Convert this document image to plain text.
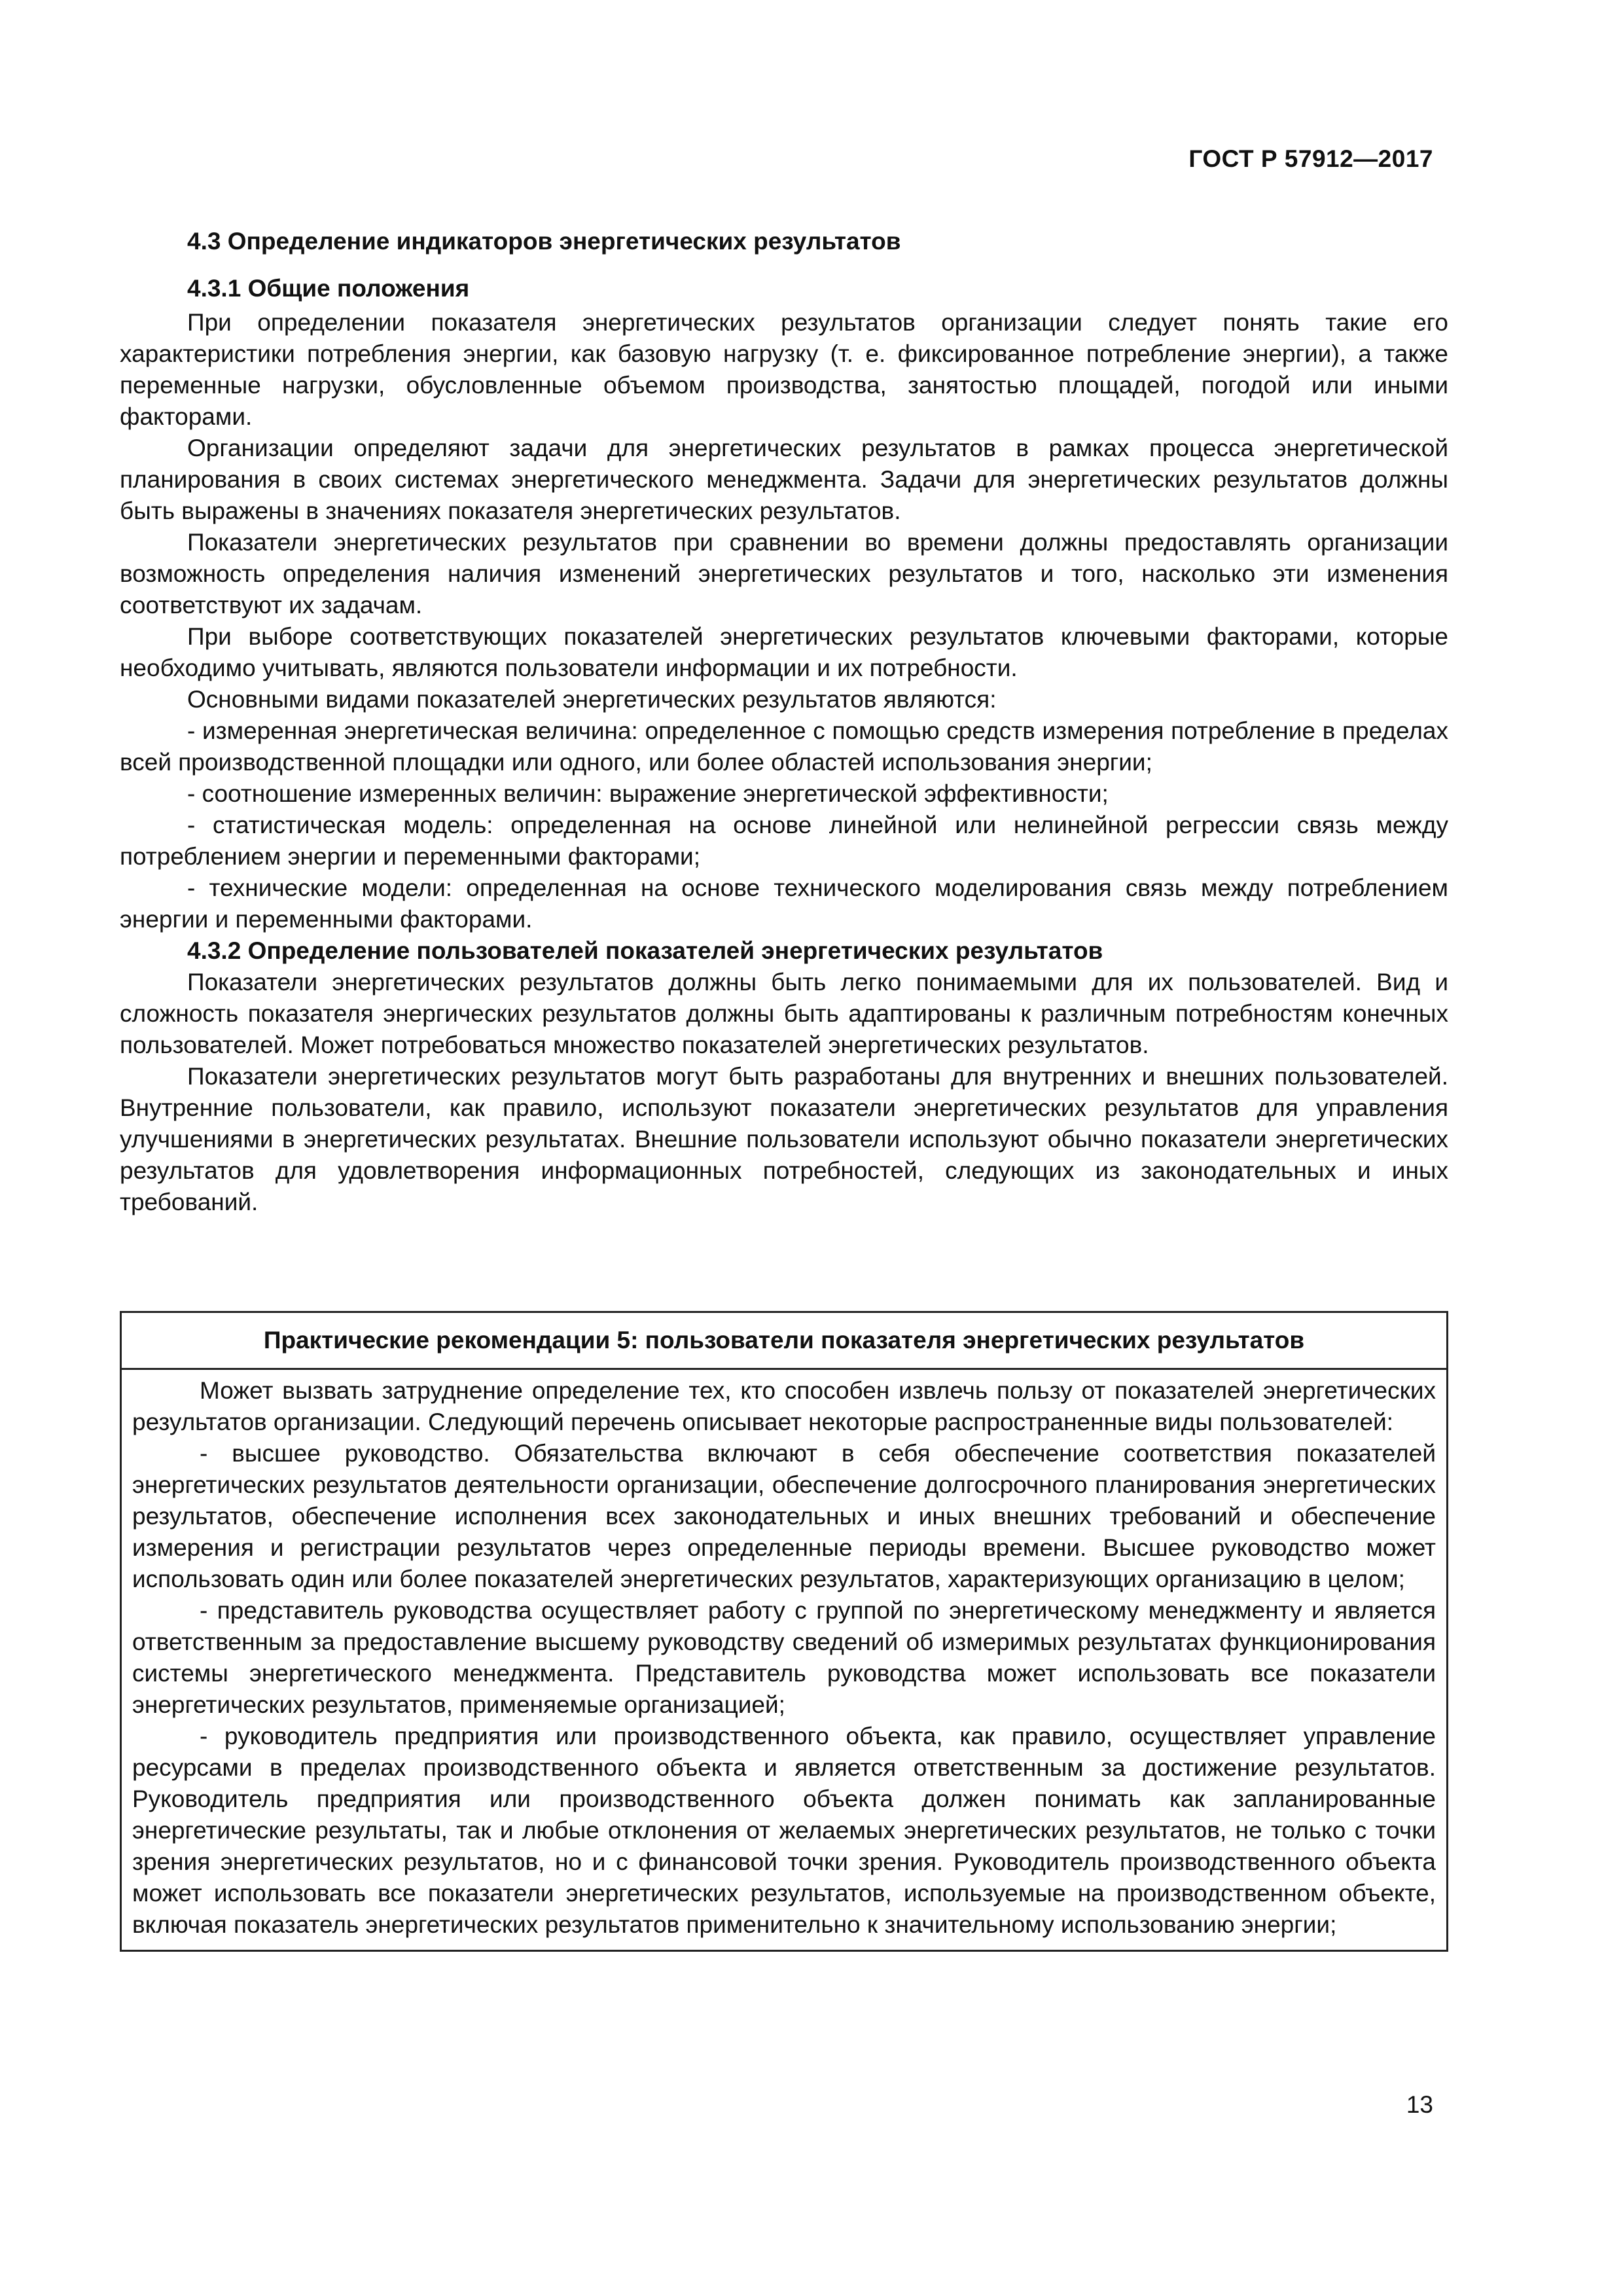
ГОСТ Р 57912—2017
4.3 Определение индикаторов энергетических результатов
4.3.1 Общие положения

При определении показателя энергетических результатов организации следует понять такие его характеристики потребления энергии, как базовую нагрузку (т. е. фиксированное потребление энергии), а также переменные нагрузки, обусловленные объемом производства, занятостью площадей, погодой или иными факторами.

Организации определяют задачи для энергетических результатов в рамках процесса энергетической планирования в своих системах энергетического менеджмента. Задачи для энергетических результатов должны быть выражены в значениях показателя энергетических результатов.

Показатели энергетических результатов при сравнении во времени должны предоставлять организации возможность определения наличия изменений энергетических результатов и того, насколько эти изменения соответствуют их задачам.

При выборе соответствующих показателей энергетических результатов ключевыми факторами, которые необходимо учитывать, являются пользователи информации и их потребности.

Основными видами показателей энергетических результатов являются:

- измеренная энергетическая величина: определенное с помощью средств измерения потребление в пределах всей производственной площадки или одного, или более областей использования энергии;

- соотношение измеренных величин: выражение энергетической эффективности;

- статистическая модель: определенная на основе линейной или нелинейной регрессии связь между потреблением энергии и переменными факторами;

- технические модели: определенная на основе технического моделирования связь между потреблением энергии и переменными факторами.

4.3.2 Определение пользователей показателей энергетических результатов

Показатели энергетических результатов должны быть легко понимаемыми для их пользователей. Вид и сложность показателя энергических результатов должны быть адаптированы к различным потребностям конечных пользователей. Может потребоваться множество показателей энергетических результатов.

Показатели энергетических результатов могут быть разработаны для внутренних и внешних пользователей. Внутренние пользователи, как правило, используют показатели энергетических результатов для управления улучшениями в энергетических результатах. Внешние пользователи используют обычно показатели энергетических результатов для удовлетворения информационных потребностей, следующих из законодательных и иных требований.

Практические рекомендации 5: пользователи показателя энергетических результатов

Может вызвать затруднение определение тех, кто способен извлечь пользу от показателей энергетических результатов организации. Следующий перечень описывает некоторые распространенные виды пользователей:

- высшее руководство. Обязательства включают в себя обеспечение соответствия показателей энергетических результатов деятельности организации, обеспечение долгосрочного планирования энергетических результатов, обеспечение исполнения всех законодательных и иных внешних требований и обеспечение измерения и регистрации результатов через определенные периоды времени. Высшее руководство может использовать один или более показателей энергетических результатов, характеризующих организацию в целом;

- представитель руководства осуществляет работу с группой по энергетическому менеджменту и является ответственным за предоставление высшему руководству сведений об измеримых результатах функционирования системы энергетического менеджмента. Представитель руководства может использовать все показатели энергетических результатов, применяемые организацией;

- руководитель предприятия или производственного объекта, как правило, осуществляет управление ресурсами в пределах производственного объекта и является ответственным за достижение результатов. Руководитель предприятия или производственного объекта должен понимать как запланированные энергетические результаты, так и любые отклонения от желаемых энергетических результатов, не только с точки зрения энергетических результатов, но и с финансовой точки зрения. Руководитель производственного объекта может использовать все показатели энергетических результатов, используемые на производственном объекте, включая показатель энергетических результатов применительно к значительному использованию энергии;

13
